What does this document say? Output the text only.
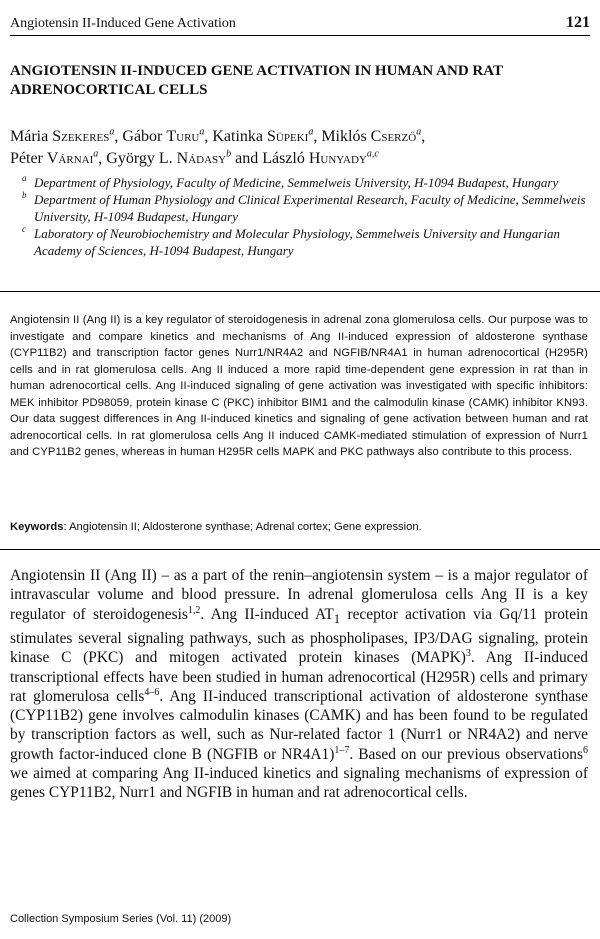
Angiotensin II-Induced Gene Activation	121
ANGIOTENSIN II-INDUCED GENE ACTIVATION IN HUMAN AND RAT ADRENOCORTICAL CELLS
Mária Szekeres$^a$, Gábor Turu$^a$, Katinka Süpeki$^a$, Miklós Cserző$^a$,
Péter Várnai$^a$, György L. Nádasy$^b$ and László Hunyady$^{a,c}$
a Department of Physiology, Faculty of Medicine, Semmelweis University, H-1094 Budapest, Hungary
b Department of Human Physiology and Clinical Experimental Research, Faculty of Medicine, Semmelweis University, H-1094 Budapest, Hungary
c Laboratory of Neurobiochemistry and Molecular Physiology, Semmelweis University and Hungarian Academy of Sciences, H-1094 Budapest, Hungary

Angiotensin II (Ang II) is a key regulator of steroidogenesis in adrenal zona glomerulosa cells. Our purpose was to investigate and compare kinetics and mechanisms of Ang II-induced expression of aldosterone synthase (CYP11B2) and transcription factor genes Nurr1/NR4A2 and NGFIB/NR4A1 in human adrenocortical (H295R) cells and in rat glomerulosa cells. Ang II induced a more rapid time-dependent gene expression in rat than in human adrenocortical cells. Ang II-induced signaling of gene activation was investigated with specific inhibitors: MEK inhibitor PD98059, protein kinase C (PKC) inhibitor BIM1 and the calmodulin kinase (CAMK) inhibitor KN93. Our data suggest differences in Ang II-induced kinetics and signaling of gene activation between human and rat adrenocortical cells. In rat glomerulosa cells Ang II induced CAMK-mediated stimulation of expression of Nurr1 and CYP11B2 genes, whereas in human H295R cells MAPK and PKC pathways also contribute to this process.

Keywords: Angiotensin II; Aldosterone synthase; Adrenal cortex; Gene expression.

Angiotensin II (Ang II) – as a part of the renin–angiotensin system – is a major regulator of intravascular volume and blood pressure. In adrenal glomerulosa cells Ang II is a key regulator of steroidogenesis$^{1,2}$. Ang II-induced $AT_1$ receptor activation via Gq/11 protein stimulates several signaling pathways, such as phospholipases, IP3/DAG signaling, protein kinase C (PKC) and mitogen activated protein kinases (MAPK)$^3$. Ang II-induced transcriptional effects have been studied in human adrenocortical (H295R) cells and primary rat glomerulosa cells$^{4-6}$. Ang II-induced transcriptional activation of aldosterone synthase (CYP11B2) gene involves calmodulin kinases (CAMK) and has been found to be regulated by transcription factors as well, such as Nur-related factor 1 (Nurr1 or NR4A2) and nerve growth factor-induced clone B (NGFIB or NR4A1)$^{1-7}$. Based on our previous observations$^6$ we aimed at comparing Ang II-induced kinetics and signaling mechanisms of expression of genes CYP11B2, Nurr1 and NGFIB in human and rat adrenocortical cells.

Collection Symposium Series (Vol. 11) (2009)
